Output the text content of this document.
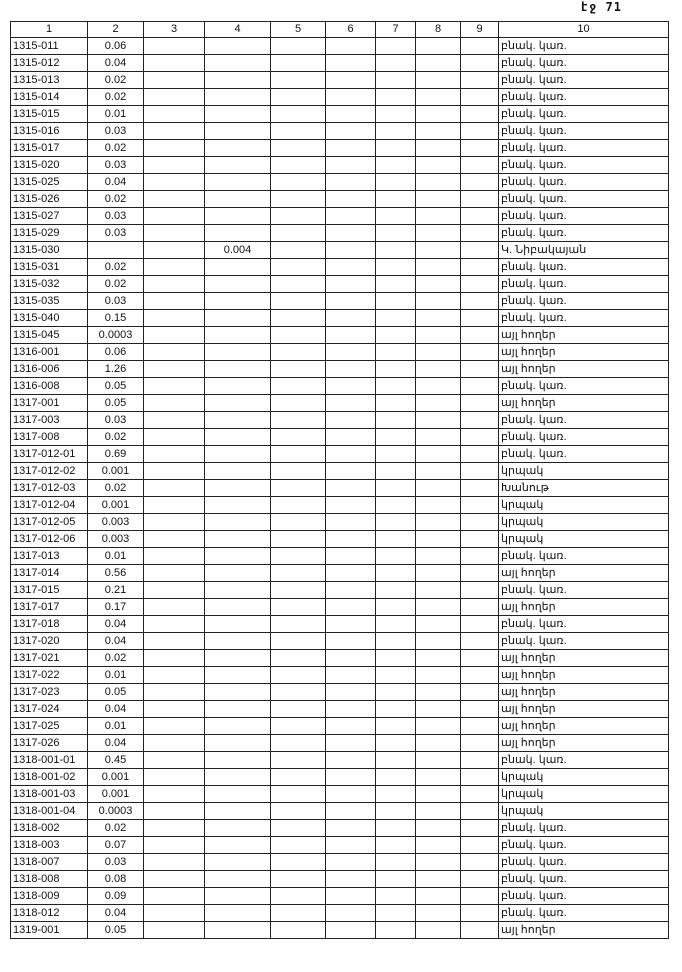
էջ 71
1	2	3	4	5	6	7	8	9	10
1315-011	0.06								բնակ. կառ.
1315-012	0.04								բնակ. կառ.
1315-013	0.02								բնակ. կառ.
1315-014	0.02								բնակ. կառ.
1315-015	0.01								բնակ. կառ.
1315-016	0.03								բնակ. կառ.
1315-017	0.02								բնակ. կառ.
1315-020	0.03								բնակ. կառ.
1315-025	0.04								բնակ. կառ.
1315-026	0.02								բնակ. կառ.
1315-027	0.03								բնակ. կառ.
1315-029	0.03								բնակ. կառ.
1315-030			0.004						Կ. Նիբակայան
1315-031	0.02								բնակ. կառ.
1315-032	0.02								բնակ. կառ.
1315-035	0.03								բնակ. կառ.
1315-040	0.15								բնակ. կառ.
1315-045	0.0003								այլ հողեր
1316-001	0.06								այլ հողեր
1316-006	1.26								այլ հողեր
1316-008	0.05								բնակ. կառ.
1317-001	0.05								այլ հողեր
1317-003	0.03								բնակ. կառ.
1317-008	0.02								բնակ. կառ.
1317-012-01	0.69								բնակ. կառ.
1317-012-02	0.001								կրպակ
1317-012-03	0.02								Խանութ
1317-012-04	0.001								կրպակ
1317-012-05	0.003								կրպակ
1317-012-06	0.003								կրպակ
1317-013	0.01								բնակ. կառ.
1317-014	0.56								այլ հողեր
1317-015	0.21								բնակ. կառ.
1317-017	0.17								այլ հողեր
1317-018	0.04								բնակ. կառ.
1317-020	0.04								բնակ. կառ.
1317-021	0.02								այլ հողեր
1317-022	0.01								այլ հողեր
1317-023	0.05								այլ հողեր
1317-024	0.04								այլ հողեր
1317-025	0.01								այլ հողեր
1317-026	0.04								այլ հողեր
1318-001-01	0.45								բնակ. կառ.
1318-001-02	0.001								կրպակ
1318-001-03	0.001								կրպակ
1318-001-04	0.0003								կրպակ
1318-002	0.02								բնակ. կառ.
1318-003	0.07								բնակ. կառ.
1318-007	0.03								բնակ. կառ.
1318-008	0.08								բնակ. կառ.
1318-009	0.09								բնակ. կառ.
1318-012	0.04								բնակ. կառ.
1319-001	0.05								այլ հողեր
